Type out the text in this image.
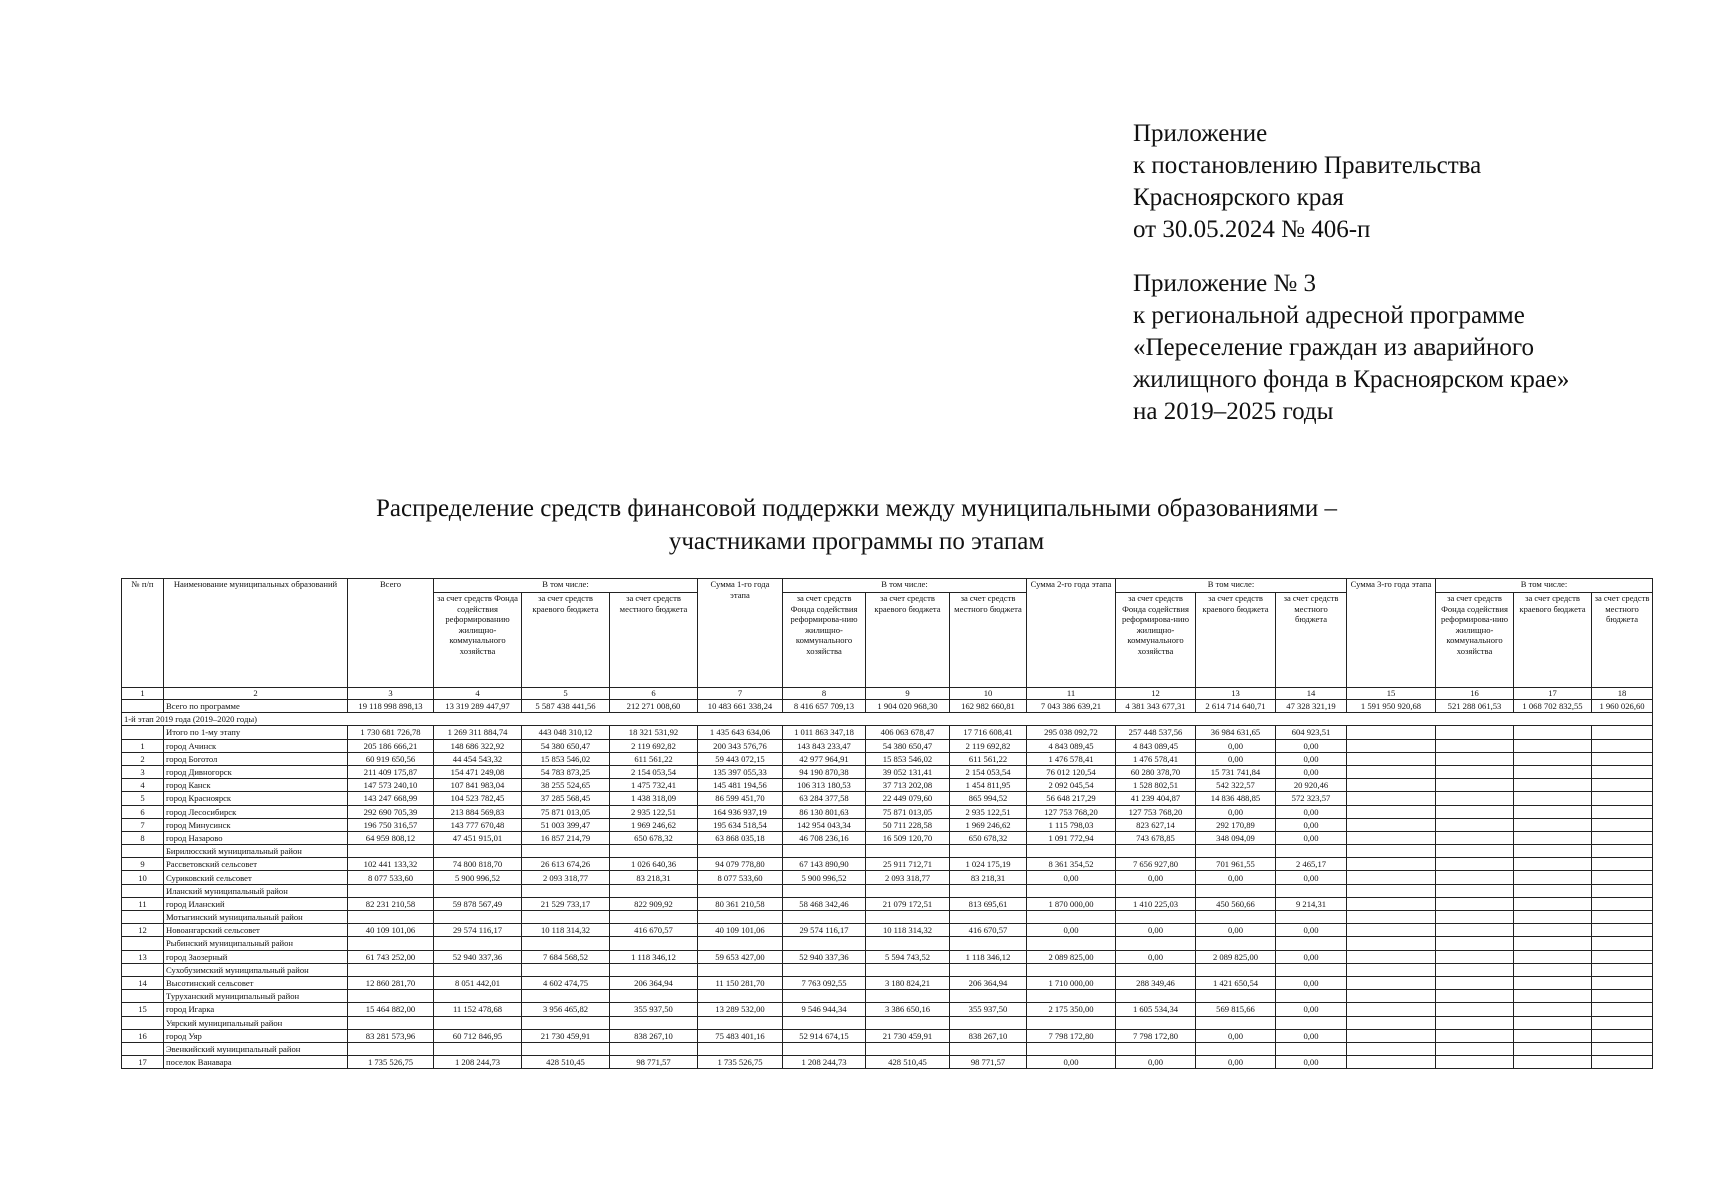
Приложение
к постановлению Правительства
Красноярского края
от 30.05.2024 № 406-п
Приложение № 3
к региональной адресной программе
«Переселение граждан из аварийного
жилищного фонда в Красноярском крае»
на 2019–2025 годы
Распределение средств финансовой поддержки между муниципальными образованиями –
участниками программы по этапам
№ п/п	Наименование муниципальных образований	Всего	В том числе:			Сумма 1-го года этапа	В том числе:			Сумма 2-го года этапа	В том числе:			Сумма 3-го года этапа	В том числе:		
			за счет средств Фонда содействия реформированию жилищно-коммунального хозяйства	за счет средств краевого бюджета	за счет средств местного бюджета		за счет средств Фонда содействия реформирова-нию жилищно-коммунального хозяйства	за счет средств краевого бюджета	за счет средств местного бюджета		за счет средств Фонда содействия реформирова-нию жилищно-коммунального хозяйства	за счет средств краевого бюджета	за счет средств местного бюджета		за счет средств Фонда содействия реформирова-нию жилищно-коммунального хозяйства	за счет средств краевого бюджета	за счет средств местного бюджета
1	2	3	4	5	6	7	8	9	10	11	12	13	14	15	16	17	18
	Всего по программе	19 118 998 898,13	13 319 289 447,97	5 587 438 441,56	212 271 008,60	10 483 661 338,24	8 416 657 709,13	1 904 020 968,30	162 982 660,81	7 043 386 639,21	4 381 343 677,31	2 614 714 640,71	47 328 321,19	1 591 950 920,68	521 288 061,53	1 068 702 832,55	1 960 026,60
1-й этап 2019 года (2019–2020 годы)																	
	Итого по 1-му этапу	1 730 681 726,78	1 269 311 884,74	443 048 310,12	18 321 531,92	1 435 643 634,06	1 011 863 347,18	406 063 678,47	17 716 608,41	295 038 092,72	257 448 537,56	36 984 631,65	604 923,51				
1	город Ачинск	205 186 666,21	148 686 322,92	54 380 650,47	2 119 692,82	200 343 576,76	143 843 233,47	54 380 650,47	2 119 692,82	4 843 089,45	4 843 089,45	0,00	0,00				
2	город Боготол	60 919 650,56	44 454 543,32	15 853 546,02	611 561,22	59 443 072,15	42 977 964,91	15 853 546,02	611 561,22	1 476 578,41	1 476 578,41	0,00	0,00				
3	город Дивногорск	211 409 175,87	154 471 249,08	54 783 873,25	2 154 053,54	135 397 055,33	94 190 870,38	39 052 131,41	2 154 053,54	76 012 120,54	60 280 378,70	15 731 741,84	0,00				
4	город Канск	147 573 240,10	107 841 983,04	38 255 524,65	1 475 732,41	145 481 194,56	106 313 180,53	37 713 202,08	1 454 811,95	2 092 045,54	1 528 802,51	542 322,57	20 920,46				
5	город Красноярск	143 247 668,99	104 523 782,45	37 285 568,45	1 438 318,09	86 599 451,70	63 284 377,58	22 449 079,60	865 994,52	56 648 217,29	41 239 404,87	14 836 488,85	572 323,57				
6	город Лесосибирск	292 690 705,39	213 884 569,83	75 871 013,05	2 935 122,51	164 936 937,19	86 130 801,63	75 871 013,05	2 935 122,51	127 753 768,20	127 753 768,20	0,00	0,00				
7	город Минусинск	196 750 316,57	143 777 670,48	51 003 399,47	1 969 246,62	195 634 518,54	142 954 043,34	50 711 228,58	1 969 246,62	1 115 798,03	823 627,14	292 170,89	0,00				
8	город Назарово	64 959 808,12	47 451 915,01	16 857 214,79	650 678,32	63 868 035,18	46 708 236,16	16 509 120,70	650 678,32	1 091 772,94	743 678,85	348 094,09	0,00				
	Бирилюсский муниципальный район																
9	Рассветовский сельсовет	102 441 133,32	74 800 818,70	26 613 674,26	1 026 640,36	94 079 778,80	67 143 890,90	25 911 712,71	1 024 175,19	8 361 354,52	7 656 927,80	701 961,55	2 465,17				
10	Суриковский сельсовет	8 077 533,60	5 900 996,52	2 093 318,77	83 218,31	8 077 533,60	5 900 996,52	2 093 318,77	83 218,31	0,00	0,00	0,00	0,00				
	Иланский муниципальный район																
11	город Иланский	82 231 210,58	59 878 567,49	21 529 733,17	822 909,92	80 361 210,58	58 468 342,46	21 079 172,51	813 695,61	1 870 000,00	1 410 225,03	450 560,66	9 214,31				
	Мотыгинский муниципальный район																
12	Новоангарский сельсовет	40 109 101,06	29 574 116,17	10 118 314,32	416 670,57	40 109 101,06	29 574 116,17	10 118 314,32	416 670,57	0,00	0,00	0,00	0,00				
	Рыбинский муниципальный район																
13	город Заозерный	61 743 252,00	52 940 337,36	7 684 568,52	1 118 346,12	59 653 427,00	52 940 337,36	5 594 743,52	1 118 346,12	2 089 825,00	0,00	2 089 825,00	0,00				
	Сухобузимский муниципальный район																
14	Высотинский сельсовет	12 860 281,70	8 051 442,01	4 602 474,75	206 364,94	11 150 281,70	7 763 092,55	3 180 824,21	206 364,94	1 710 000,00	288 349,46	1 421 650,54	0,00				
	Туруханский муниципальный район																
15	город Игарка	15 464 882,00	11 152 478,68	3 956 465,82	355 937,50	13 289 532,00	9 546 944,34	3 386 650,16	355 937,50	2 175 350,00	1 605 534,34	569 815,66	0,00				
	Уярский муниципальный район																
16	город Уяр	83 281 573,96	60 712 846,95	21 730 459,91	838 267,10	75 483 401,16	52 914 674,15	21 730 459,91	838 267,10	7 798 172,80	7 798 172,80	0,00	0,00				
	Эвенкийский муниципальный район																
17	поселок Ванавара	1 735 526,75	1 208 244,73	428 510,45	98 771,57	1 735 526,75	1 208 244,73	428 510,45	98 771,57	0,00	0,00	0,00	0,00				
